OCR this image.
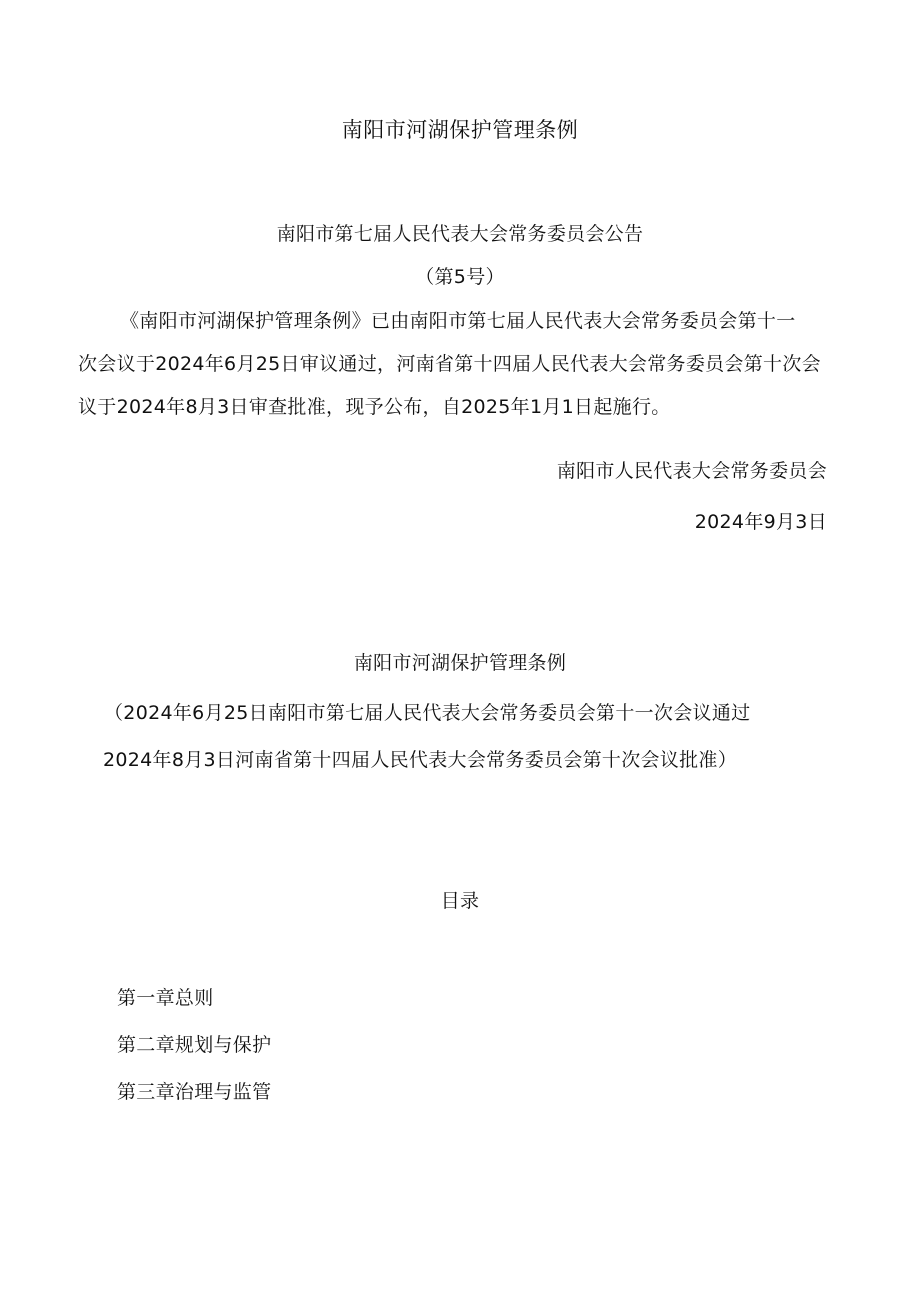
南阳市河湖保护管理条例
南阳市第七届人民代表大会常务委员会公告
（第5号）
《南阳市河湖保护管理条例》已由南阳市第七届人民代表大会常务委员会第十一
次会议于2024年6月25日审议通过，河南省第十四届人民代表大会常务委员会第十次会
议于2024年8月3日审查批准，现予公布，自2025年1月1日起施行。
南阳市人民代表大会常务委员会
2024年9月3日
南阳市河湖保护管理条例
（2024年6月25日南阳市第七届人民代表大会常务委员会第十一次会议通过
2024年8月3日河南省第十四届人民代表大会常务委员会第十次会议批准）
目录
第一章总则
第二章规划与保护
第三章治理与监管
